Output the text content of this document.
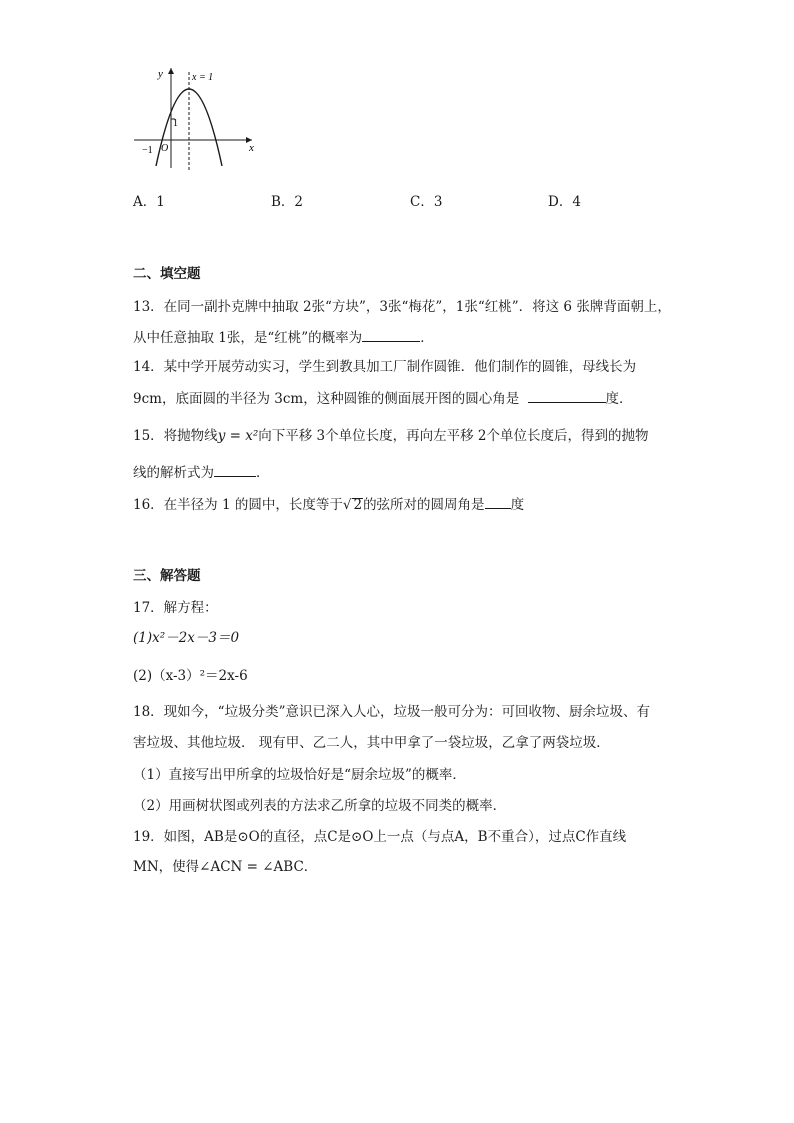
y
x
x = 1
1
−1 O
A．1	B．2	C．3	D．4
二、填空题
13．在同一副扑克牌中抽取 2张“方块”，3张“梅花”，1张“红桃”．将这 6 张牌背面朝上，
从中任意抽取 1张，是“红桃”的概率为	．
14．某中学开展劳动实习，学生到教具加工厂制作圆锥．他们制作的圆锥，母线长为
9cm，底面圆的半径为 3cm，这种圆锥的侧面展开图的圆心角是	度．
15．将抛物线y = x²向下平移 3个单位长度，再向左平移 2个单位长度后，得到的抛物
线的解析式为	．
16．在半径为 1 的圆中，长度等于√ 2的弦所对的圆周角是 度
三、解答题
17．解方程：
(1)x²－2x－3＝0
(2)（x-3）²＝2x-6
18．现如今，“垃圾分类”意识已深入人心，垃圾一般可分为：可回收物、厨余垃圾、有
害垃圾、其他垃圾． 现有甲、乙二人，其中甲拿了一袋垃圾，乙拿了两袋垃圾．
（1）直接写出甲所拿的垃圾恰好是“厨余垃圾”的概率．
（2）用画树状图或列表的方法求乙所拿的垃圾不同类的概率．
19．如图，AB是⊙O的直径，点C是⊙O上一点（与点A，B不重合），过点C作直线
MN，使得∠ACN = ∠ABC．
